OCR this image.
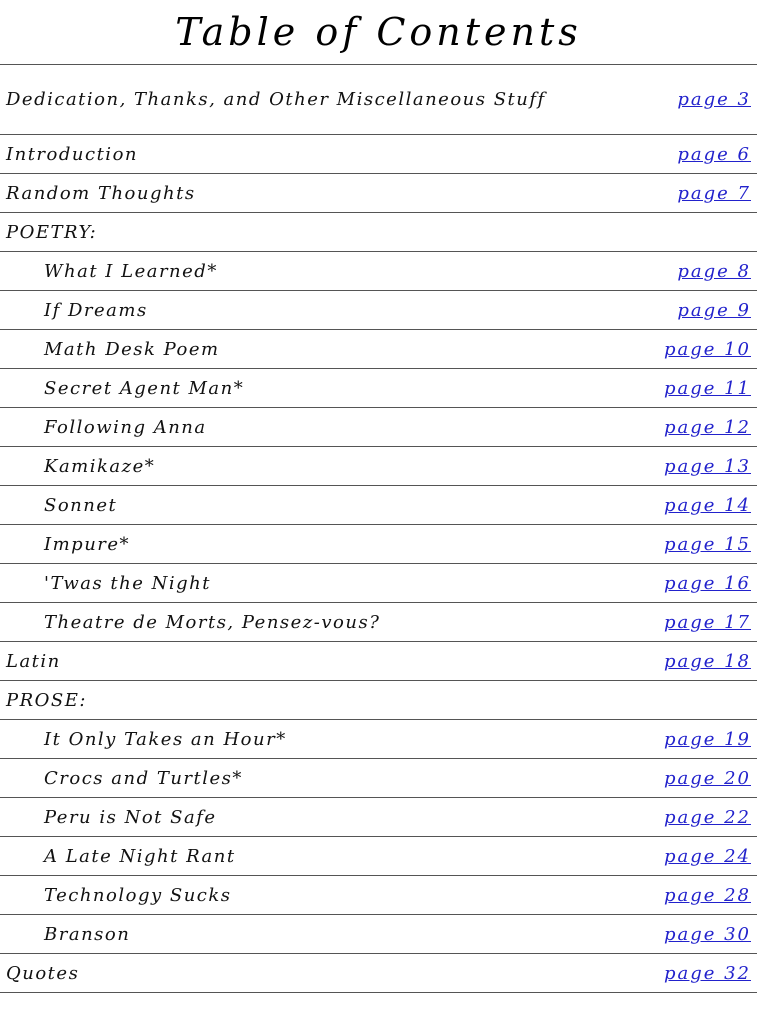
Table of Contents
Dedication, Thanks, and Other Miscellaneous Stuff	page 3
Introduction	page 6
Random Thoughts	page 7
POETRY:	
What I Learned*	page 8
If Dreams	page 9
Math Desk Poem	page 10
Secret Agent Man*	page 11
Following Anna	page 12
Kamikaze*	page 13
Sonnet	page 14
Impure*	page 15
'Twas the Night	page 16
Theatre de Morts, Pensez-vous?	page 17
Latin	page 18
PROSE:	
It Only Takes an Hour*	page 19
Crocs and Turtles*	page 20
Peru is Not Safe	page 22
A Late Night Rant	page 24
Technology Sucks	page 28
Branson	page 30
Quotes	page 32
